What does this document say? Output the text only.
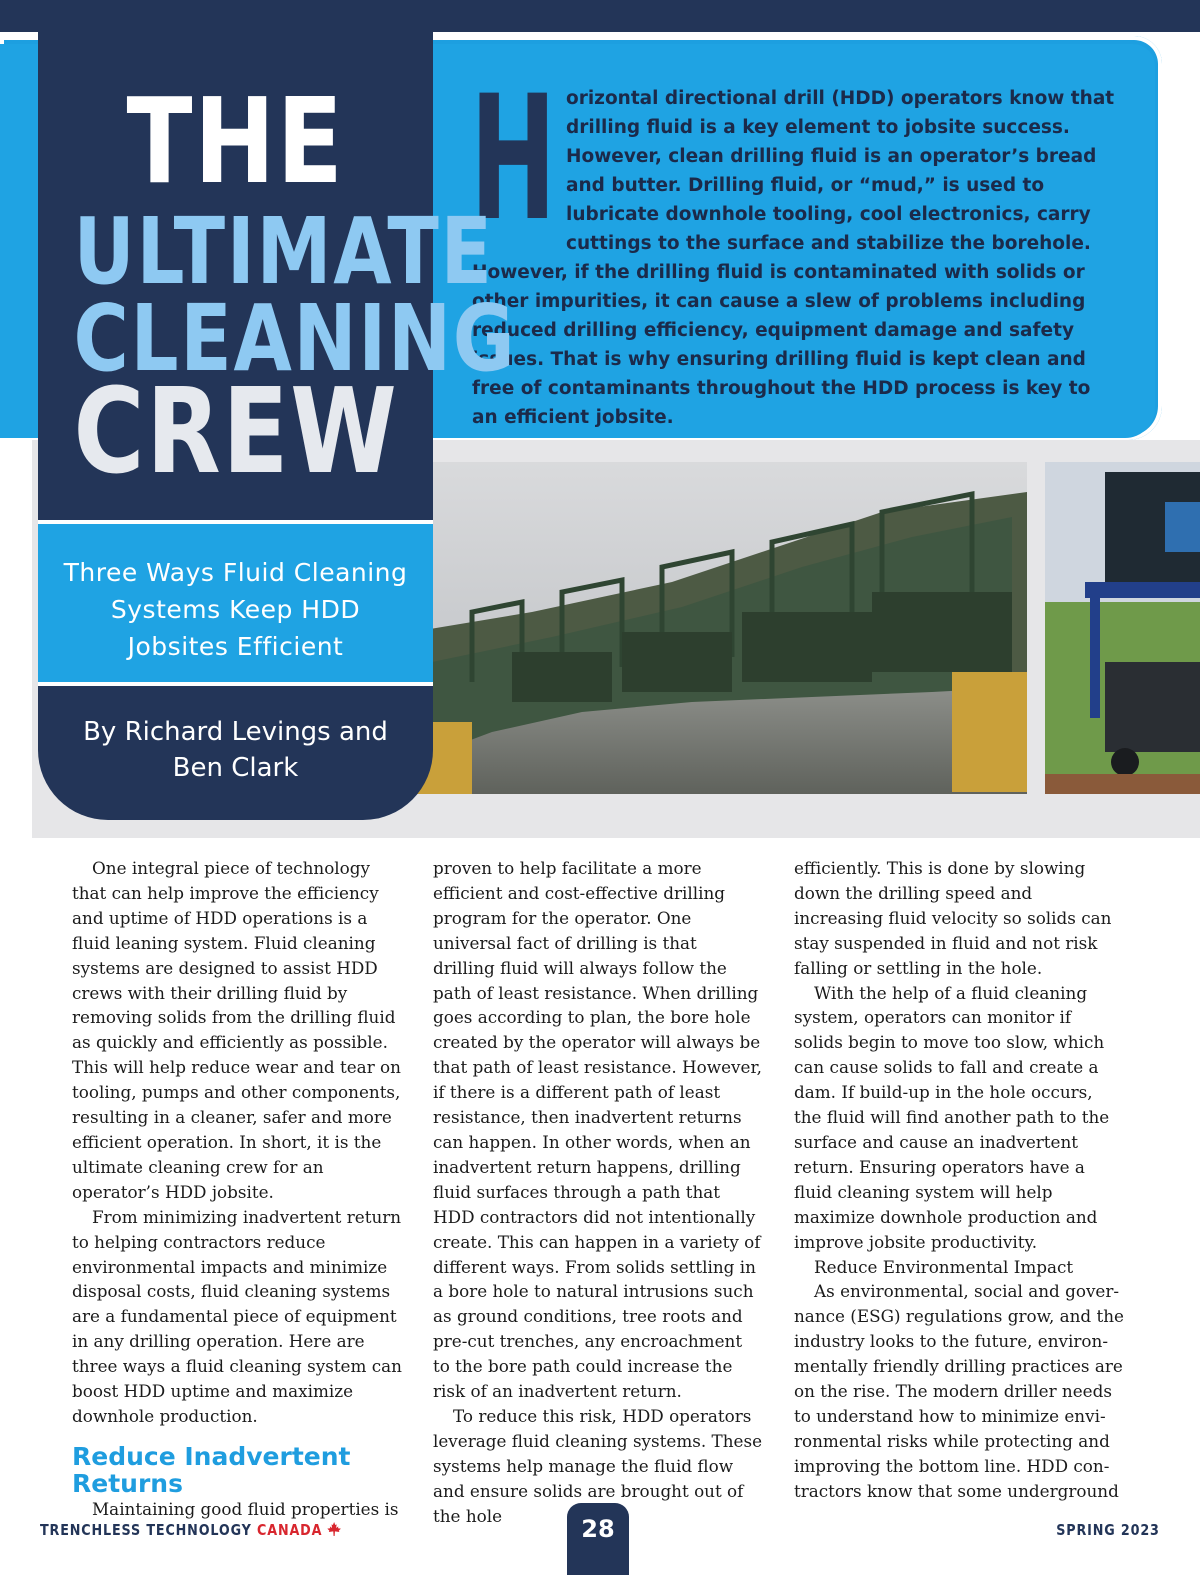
H orizontal directional drill (HDD) operators know that drilling fluid is a key element to jobsite success. However, clean drilling fluid is an operator’s bread and butter. Drilling fluid, or “mud,” is used to lubricate downhole tooling, cool electronics, carry cuttings to the surface and stabilize the borehole. However, if the drilling fluid is contaminated with solids or other impurities, it can cause a slew of problems including reduced drilling efficiency, equipment damage and safety issues. That is why ensuring drilling fluid is kept clean and free of contaminants throughout the HDD process is key to an efficient jobsite.
THE
ULTIMATE
CLEANING
CREW
Three Ways Fluid Cleaning Systems Keep HDD Jobsites Efficient
By Richard Levings and Ben Clark

One integral piece of technology that can help improve the efficiency and uptime of HDD operations is a fluid leaning system. Fluid cleaning systems are designed to assist HDD crews with their drilling fluid by removing solids from the drilling fluid as quickly and efficiently as possible. This will help reduce wear and tear on tooling, pumps and other components, resulting in a cleaner, safer and more efficient operation. In short, it is the ultimate cleaning crew for an operator’s HDD jobsite.

From minimizing inadvertent return to helping contractors reduce environmental impacts and minimize disposal costs, fluid cleaning systems are a fundamental piece of equipment in any drilling operation. Here are three ways a fluid cleaning system can boost HDD uptime and maximize downhole production.

Reduce Inadvertent Returns

Maintaining good fluid properties is

proven to help facilitate a more efficient and cost-effective drilling program for the operator. One universal fact of drilling is that drilling fluid will always follow the path of least resistance. When drilling goes according to plan, the bore hole created by the operator will always be that path of least resistance. However, if there is a different path of least resistance, then inadvertent returns can happen. In other words, when an inadvertent return happens, drilling fluid surfaces through a path that HDD contractors did not intentionally create. This can happen in a variety of different ways. From solids settling in a bore hole to natural intrusions such as ground conditions, tree roots and pre-cut trenches, any encroachment to the bore path could increase the risk of an inadvertent return.

To reduce this risk, HDD operators leverage fluid cleaning systems. These systems help manage the fluid flow and ensure solids are brought out of the hole

efficiently. This is done by slowing down the drilling speed and increasing fluid velocity so solids can stay suspended in fluid and not risk falling or settling in the hole.

With the help of a fluid cleaning system, operators can monitor if solids begin to move too slow, which can cause solids to fall and create a dam. If build-up in the hole occurs, the fluid will find another path to the surface and cause an inadvertent return. Ensuring operators have a fluid cleaning system will help maximize downhole production and improve jobsite productivity.

Reduce Environmental Impact

As environmental, social and governance (ESG) regulations grow, and the industry looks to the future, environmentally friendly drilling practices are on the rise. The modern driller needs to understand how to minimize environmental risks while protecting and improving the bottom line. HDD contractors know that some underground

TRENCHLESS TECHNOLOGY CANADA	28	SPRING 2023
